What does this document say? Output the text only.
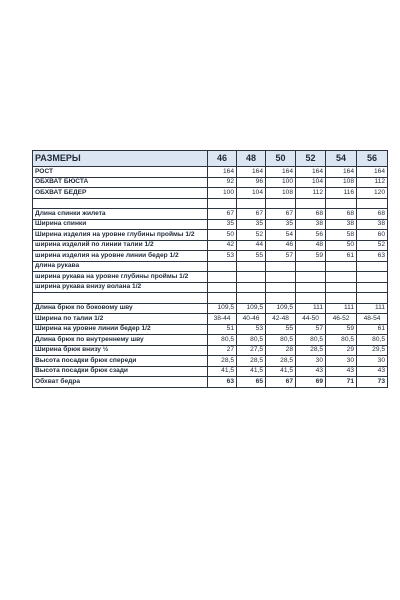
РАЗМЕРЫ	46	48	50	52	54	56
РОСТ	164	164	164	164	164	164
ОБХВАТ БЮСТА	92	96	100	104	108	112
ОБХВАТ БЕДЕР	100	104	108	112	116	120

Длина спинки жилета	67	67	67	68	68	68
Ширина спинки	35	35	35	38	38	38
Ширина изделия на уровне глубины проймы 1/2	50	52	54	56	58	60
ширина изделий по линии талии 1/2	42	44	46	48	50	52
ширина изделия на уровне линии бедер 1/2	53	55	57	59	61	63
длина рукава						
ширина рукава на уровне глубины проймы 1/2						
ширина рукава внизу волана 1/2						

Длина брюк по боковому шву	109,5	109,5	109,5	111	111	111
Ширина по талии 1/2	38-44	40-46	42-48	44-50	46-52	48-54
Ширина на уровне линии бедер 1/2	51	53	55	57	59	61
Длина брюк по внутреннему шву	80,5	80,5	80,5	80,5	80,5	80,5
Ширина брюк внизу ½	27	27,5	28	28,5	29	29,5
Высота посадки брюк спереди	28,5	28,5	28,5	30	30	30
Высота посадки брюк сзади	41,5	41,5	41,5	43	43	43
Обхват бедра	63	65	67	69	71	73
